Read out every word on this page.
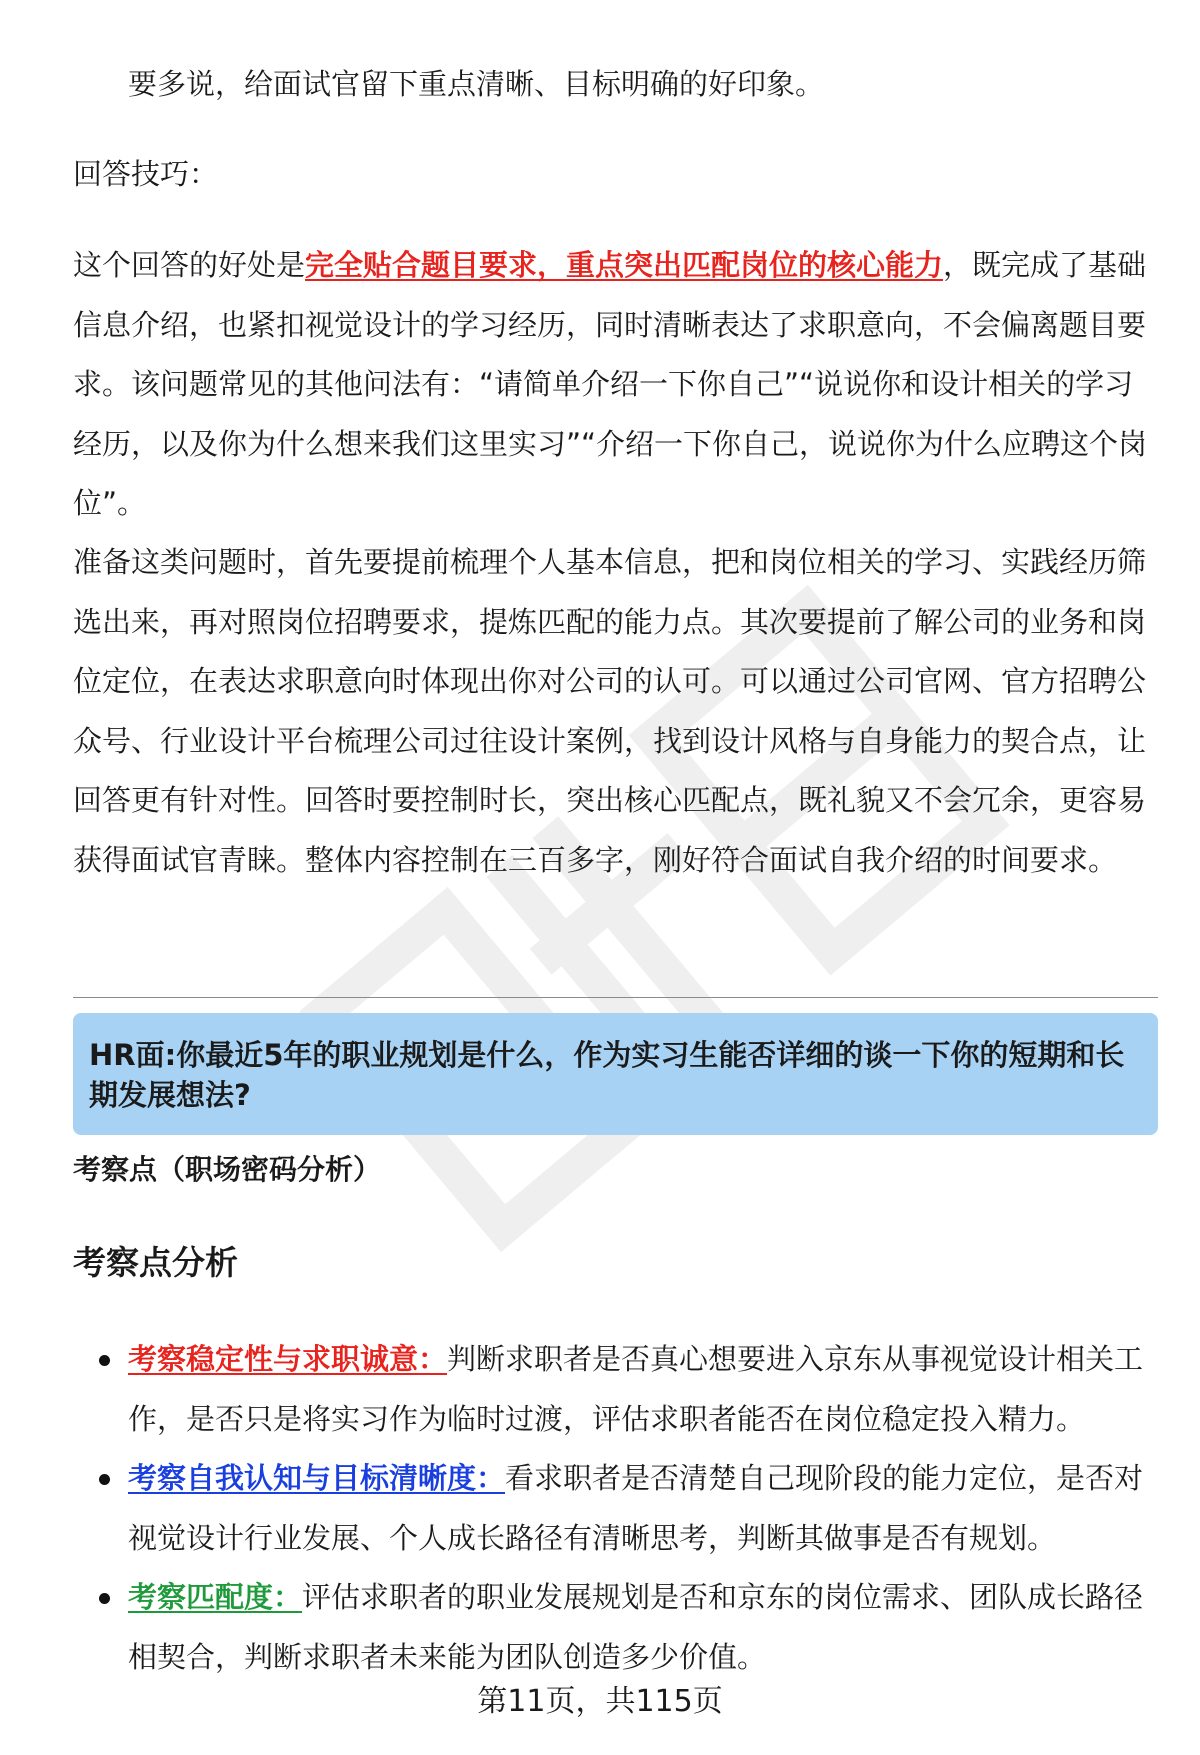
要多说，给面试官留下重点清晰、目标明确的好印象。

回答技巧：

这个回答的好处是完全贴合题目要求，重点突出匹配岗位的核心能力，既完成了基础信息介绍，也紧扣视觉设计的学习经历，同时清晰表达了求职意向，不会偏离题目要求。该问题常见的其他问法有：“请简单介绍一下你自己”“说说你和设计相关的学习经历，以及你为什么想来我们这里实习”“介绍一下你自己，说说你为什么应聘这个岗位”。

准备这类问题时，首先要提前梳理个人基本信息，把和岗位相关的学习、实践经历筛选出来，再对照岗位招聘要求，提炼匹配的能力点。其次要提前了解公司的业务和岗位定位，在表达求职意向时体现出你对公司的认可。可以通过公司官网、官方招聘公众号、行业设计平台梳理公司过往设计案例，找到设计风格与自身能力的契合点，让回答更有针对性。回答时要控制时长，突出核心匹配点，既礼貌又不会冗余，更容易获得面试官青睐。整体内容控制在三百多字，刚好符合面试自我介绍的时间要求。

HR面:你最近5年的职业规划是什么，作为实习生能否详细的谈一下你的短期和长期发展想法?

考察点（职场密码分析）

考察点分析

考察稳定性与求职诚意：判断求职者是否真心想要进入京东从事视觉设计相关工作，是否只是将实习作为临时过渡，评估求职者能否在岗位稳定投入精力。
考察自我认知与目标清晰度：看求职者是否清楚自己现阶段的能力定位，是否对视觉设计行业发展、个人成长路径有清晰思考，判断其做事是否有规划。
考察匹配度：评估求职者的职业发展规划是否和京东的岗位需求、团队成长路径相契合，判断求职者未来能为团队创造多少价值。

第11页，共115页
